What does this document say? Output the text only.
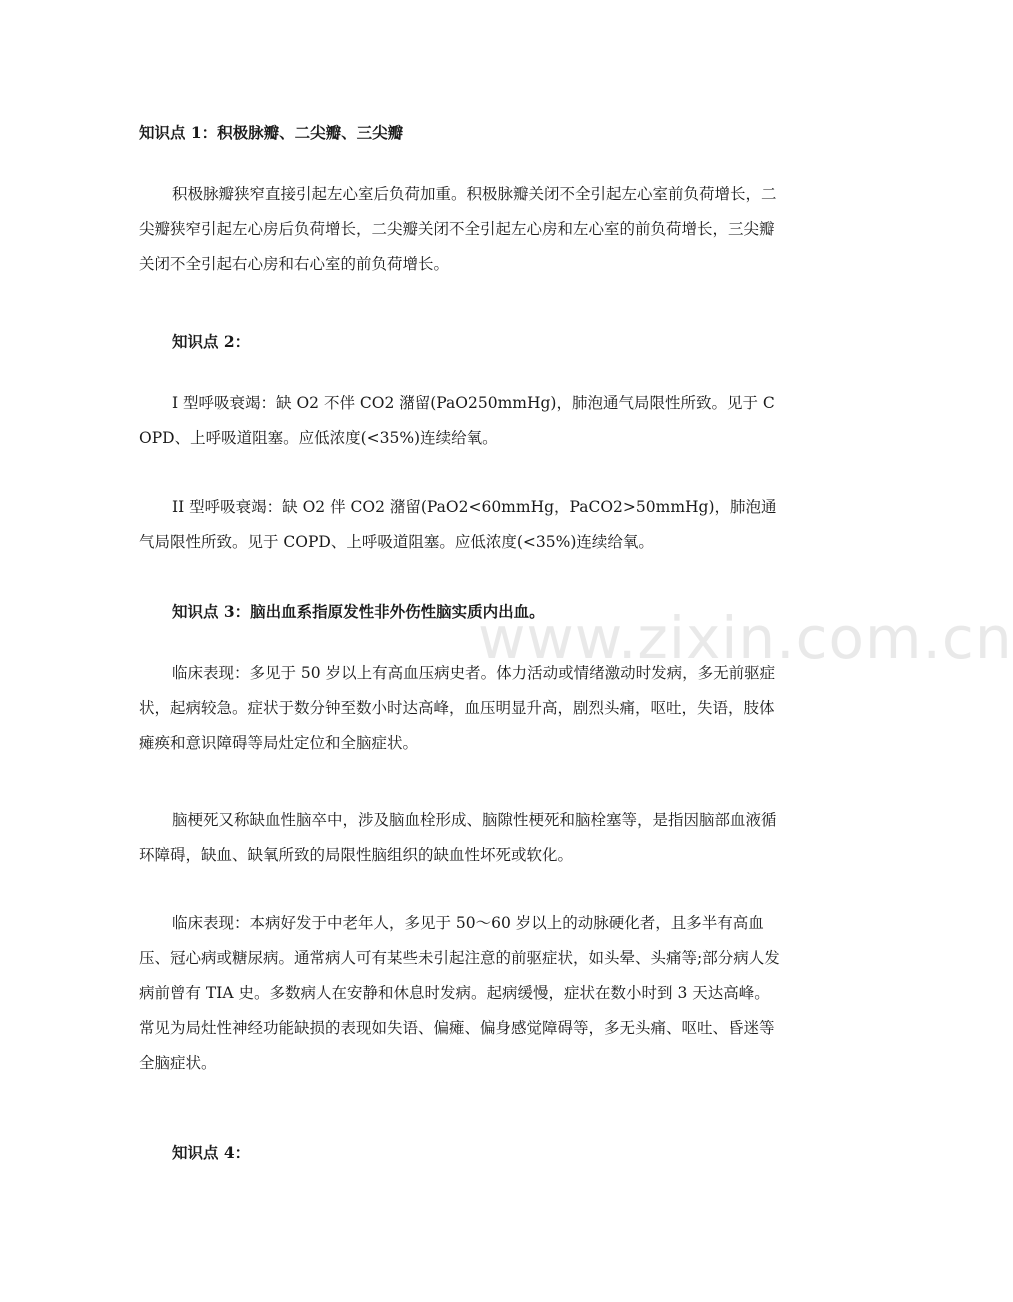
www.zixin.com.cn

知识点 1：积极脉瓣、二尖瓣、三尖瓣

积极脉瓣狭窄直接引起左心室后负荷加重。积极脉瓣关闭不全引起左心室前负荷增长，二尖瓣狭窄引起左心房后负荷增长，二尖瓣关闭不全引起左心房和左心室的前负荷增长，三尖瓣关闭不全引起右心房和右心室的前负荷增长。

知识点 2：

I 型呼吸衰竭：缺 O2 不伴 CO2 潴留(PaO250mmHg)，肺泡通气局限性所致。见于 COPD、上呼吸道阻塞。应低浓度(<35%)连续给氧。

II 型呼吸衰竭：缺 O2 伴 CO2 潴留(PaO2<60mmHg，PaCO2>50mmHg)，肺泡通气局限性所致。见于 COPD、上呼吸道阻塞。应低浓度(<35%)连续给氧。

知识点 3：脑出血系指原发性非外伤性脑实质内出血。

临床表现：多见于 50 岁以上有高血压病史者。体力活动或情绪激动时发病，多无前驱症状，起病较急。症状于数分钟至数小时达高峰，血压明显升高，剧烈头痛，呕吐，失语，肢体瘫痪和意识障碍等局灶定位和全脑症状。

脑梗死又称缺血性脑卒中，涉及脑血栓形成、脑隙性梗死和脑栓塞等，是指因脑部血液循环障碍，缺血、缺氧所致的局限性脑组织的缺血性坏死或软化。

临床表现：本病好发于中老年人，多见于 50～60 岁以上的动脉硬化者，且多半有高血压、冠心病或糖尿病。通常病人可有某些未引起注意的前驱症状，如头晕、头痛等;部分病人发病前曾有 TIA 史。多数病人在安静和休息时发病。起病缓慢，症状在数小时到 3 天达高峰。常见为局灶性神经功能缺损的表现如失语、偏瘫、偏身感觉障碍等，多无头痛、呕吐、昏迷等全脑症状。

知识点 4：
